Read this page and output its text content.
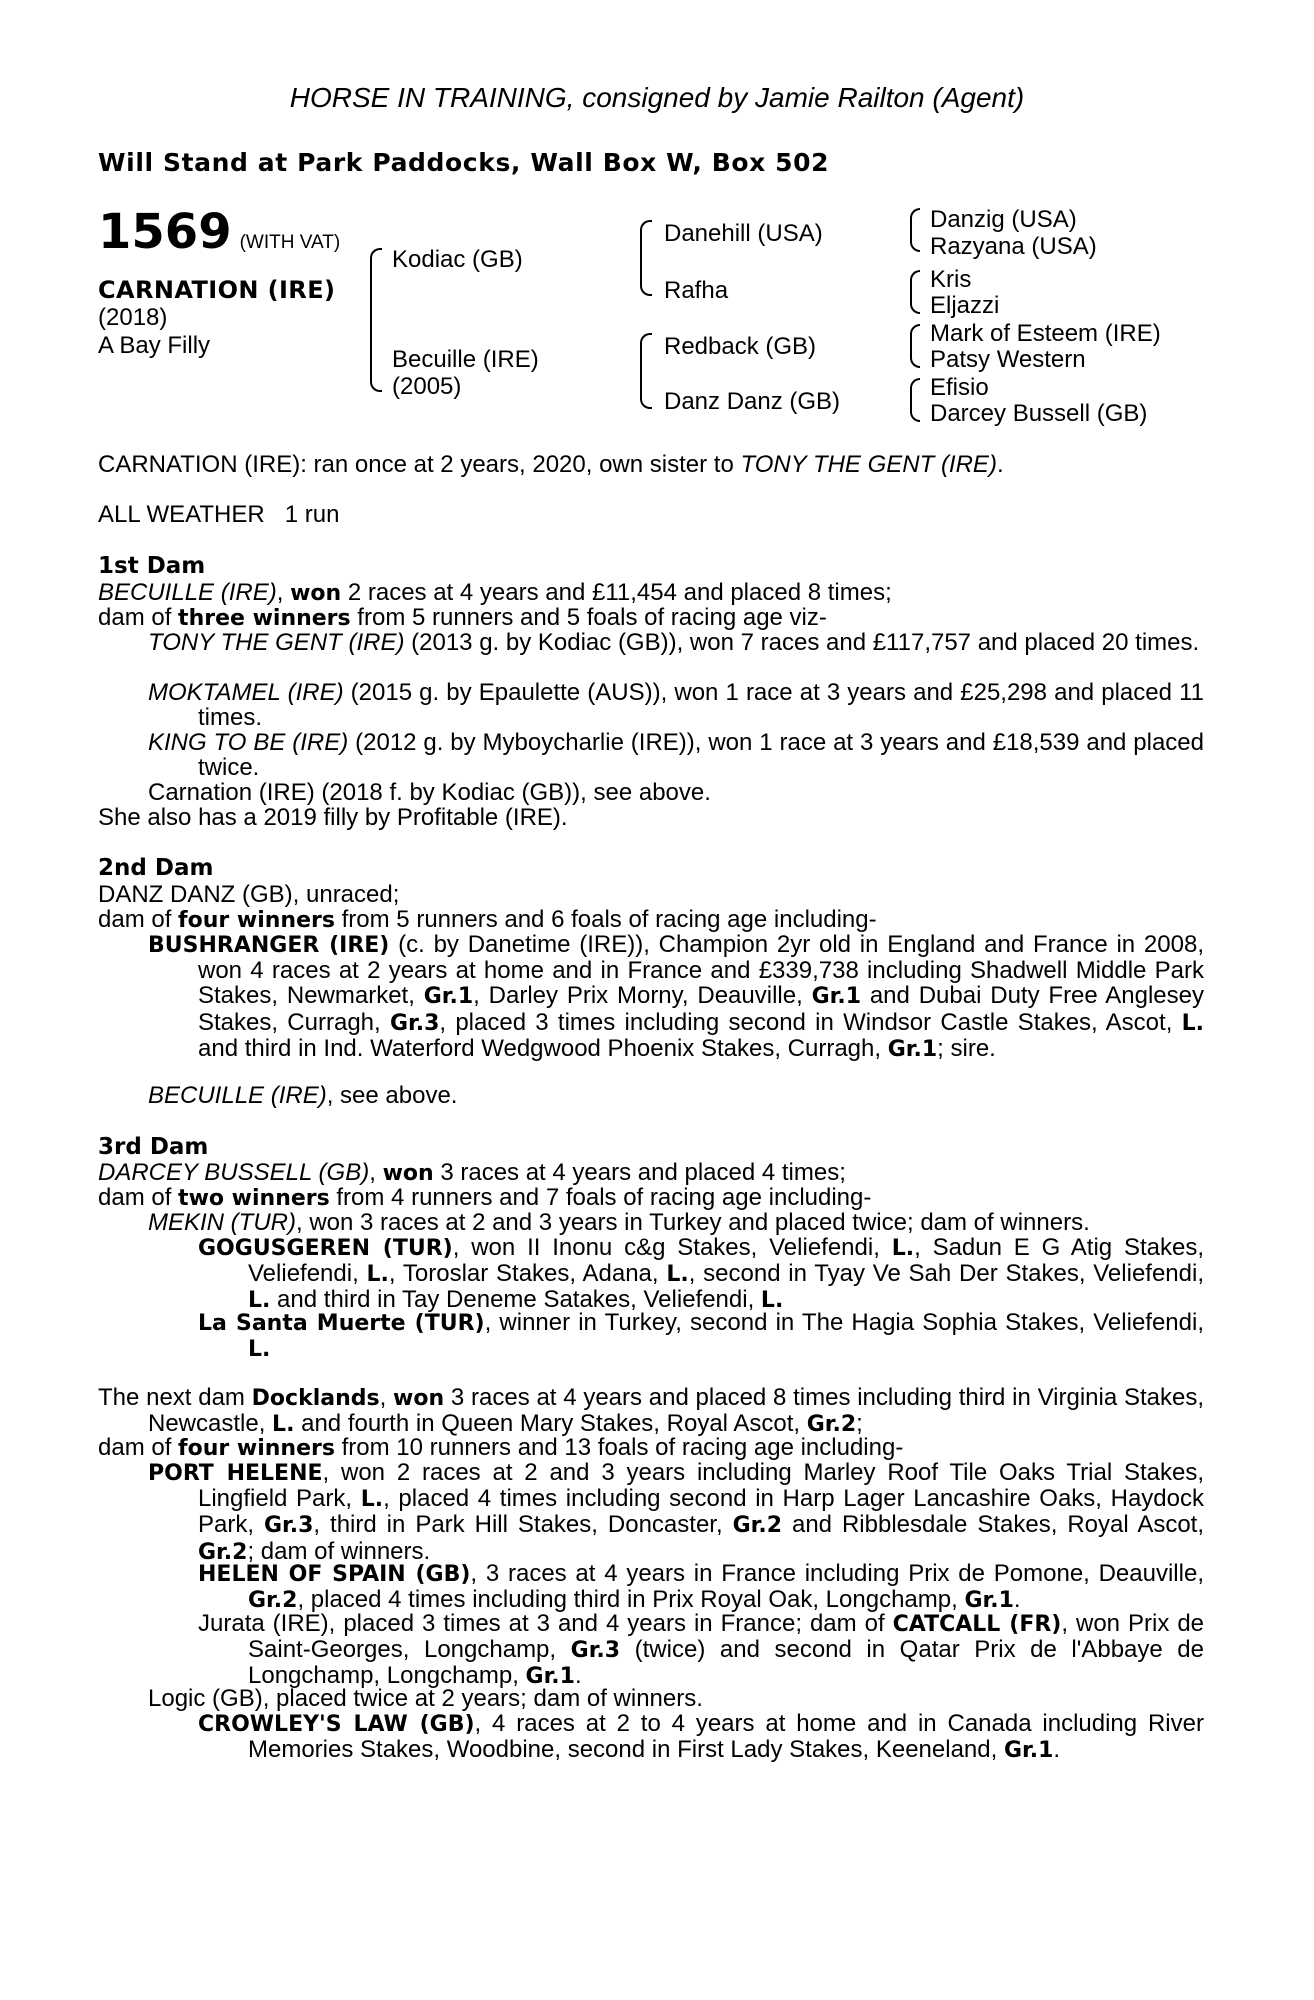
HORSE IN TRAINING, consigned by Jamie Railton (Agent)
Will Stand at Park Paddocks, Wall Box W, Box 502
1569 (WITH VAT)
CARNATION (IRE)
(2018)
A Bay Filly
Kodiac (GB)
Becuille (IRE)
(2005)
Danehill (USA)
Rafha
Redback (GB)
Danz Danz (GB)
Danzig (USA)
Razyana (USA)
Kris
Eljazzi
Mark of Esteem (IRE)
Patsy Western
Efisio
Darcey Bussell (GB)

CARNATION (IRE): ran once at 2 years, 2020, own sister to TONY THE GENT (IRE).

ALL WEATHER 1 run

1st Dam

BECUILLE (IRE), won 2 races at 4 years and £11,454 and placed 8 times;

dam of three winners from 5 runners and 5 foals of racing age viz-

TONY THE GENT (IRE) (2013 g. by Kodiac (GB)), won 7 races and £117,757 and placed 20 times.

MOKTAMEL (IRE) (2015 g. by Epaulette (AUS)), won 1 race at 3 years and £25,298 and placed 11 times.

KING TO BE (IRE) (2012 g. by Myboycharlie (IRE)), won 1 race at 3 years and £18,539 and placed twice.

Carnation (IRE) (2018 f. by Kodiac (GB)), see above.

She also has a 2019 filly by Profitable (IRE).

2nd Dam

DANZ DANZ (GB), unraced;

dam of four winners from 5 runners and 6 foals of racing age including-

BUSHRANGER (IRE) (c. by Danetime (IRE)), Champion 2yr old in England and France in 2008, won 4 races at 2 years at home and in France and £339,738 including Shadwell Middle Park Stakes, Newmarket, Gr.1, Darley Prix Morny, Deauville, Gr.1 and Dubai Duty Free Anglesey Stakes, Curragh, Gr.3, placed 3 times including second in Windsor Castle Stakes, Ascot, L. and third in Ind. Waterford Wedgwood Phoenix Stakes, Curragh, Gr.1; sire.

BECUILLE (IRE), see above.

3rd Dam

DARCEY BUSSELL (GB), won 3 races at 4 years and placed 4 times;

dam of two winners from 4 runners and 7 foals of racing age including-

MEKIN (TUR), won 3 races at 2 and 3 years in Turkey and placed twice; dam of winners.

GOGUSGEREN (TUR), won II Inonu c&g Stakes, Veliefendi, L., Sadun E G Atig Stakes, Veliefendi, L., Toroslar Stakes, Adana, L., second in Tyay Ve Sah Der Stakes, Veliefendi, L. and third in Tay Deneme Satakes, Veliefendi, L.

La Santa Muerte (TUR), winner in Turkey, second in The Hagia Sophia Stakes, Veliefendi, L.

The next dam Docklands, won 3 races at 4 years and placed 8 times including third in Virginia Stakes, Newcastle, L. and fourth in Queen Mary Stakes, Royal Ascot, Gr.2;

dam of four winners from 10 runners and 13 foals of racing age including-

PORT HELENE, won 2 races at 2 and 3 years including Marley Roof Tile Oaks Trial Stakes, Lingfield Park, L., placed 4 times including second in Harp Lager Lancashire Oaks, Haydock Park, Gr.3, third in Park Hill Stakes, Doncaster, Gr.2 and Ribblesdale Stakes, Royal Ascot, Gr.2; dam of winners.

HELEN OF SPAIN (GB), 3 races at 4 years in France including Prix de Pomone, Deauville, Gr.2, placed 4 times including third in Prix Royal Oak, Longchamp, Gr.1.

Jurata (IRE), placed 3 times at 3 and 4 years in France; dam of CATCALL (FR), won Prix de Saint-Georges, Longchamp, Gr.3 (twice) and second in Qatar Prix de l'Abbaye de Longchamp, Longchamp, Gr.1.

Logic (GB), placed twice at 2 years; dam of winners.

CROWLEY'S LAW (GB), 4 races at 2 to 4 years at home and in Canada including River Memories Stakes, Woodbine, second in First Lady Stakes, Keeneland, Gr.1.
